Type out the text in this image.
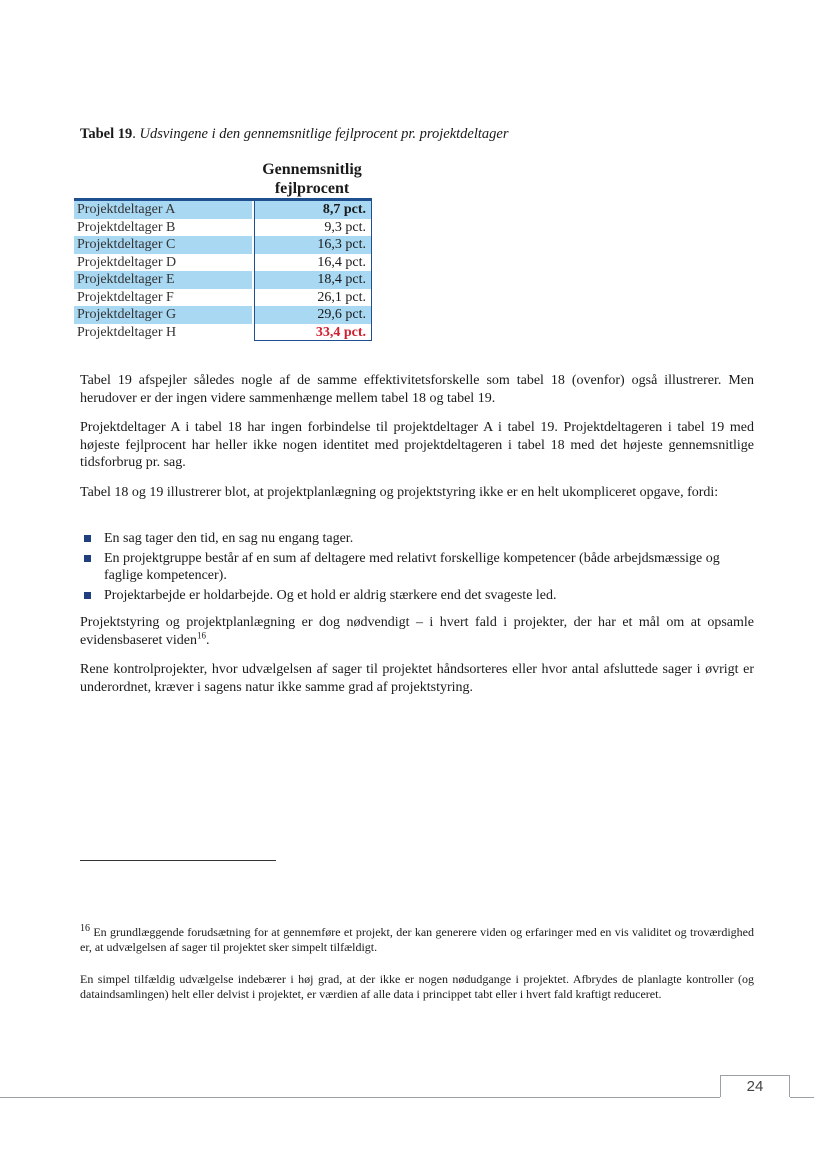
Tabel 19. Udsvingene i den gennemsnitlige fejlprocent pr. projektdeltager
Gennemsnitlig
fejlprocent
Projektdeltager A	8,7 pct.
Projektdeltager B	9,3 pct.
Projektdeltager C	16,3 pct.
Projektdeltager D	16,4 pct.
Projektdeltager E	18,4 pct.
Projektdeltager F	26,1 pct.
Projektdeltager G	29,6 pct.
Projektdeltager H	33,4 pct.

Tabel 19 afspejler således nogle af de samme effektivitetsforskelle som tabel 18 (ovenfor) også illustrerer. Men herudover er der ingen videre sammenhænge mellem tabel 18 og tabel 19.

Projektdeltager A i tabel 18 har ingen forbindelse til projektdeltager A i tabel 19. Projektdeltageren i tabel 19 med højeste fejlprocent har heller ikke nogen identitet med projektdeltageren i tabel 18 med det højeste gennemsnitlige tidsforbrug pr. sag.

Tabel 18 og 19 illustrerer blot, at projektplanlægning og projektstyring ikke er en helt ukompliceret opgave, fordi:

En sag tager den tid, en sag nu engang tager.
En projektgruppe består af en sum af deltagere med relativt forskellige kompetencer (både arbejdsmæssige og faglige kompetencer).
Projektarbejde er holdarbejde. Og et hold er aldrig stærkere end det svageste led.

Projektstyring og projektplanlægning er dog nødvendigt – i hvert fald i projekter, der har et mål om at opsamle evidensbaseret viden$^{16}$.

Rene kontrolprojekter, hvor udvælgelsen af sager til projektet håndsorteres eller hvor antal afsluttede sager i øvrigt er underordnet, kræver i sagens natur ikke samme grad af projektstyring.

$^{16}$ En grundlæggende forudsætning for at gennemføre et projekt, der kan generere viden og erfaringer med en vis validitet og troværdighed er, at udvælgelsen af sager til projektet sker simpelt tilfældigt.

En simpel tilfældig udvælgelse indebærer i høj grad, at der ikke er nogen nødudgange i projektet. Afbrydes de planlagte kontroller (og dataindsamlingen) helt eller delvist i projektet, er værdien af alle data i princippet tabt eller i hvert fald kraftigt reduceret.

24
